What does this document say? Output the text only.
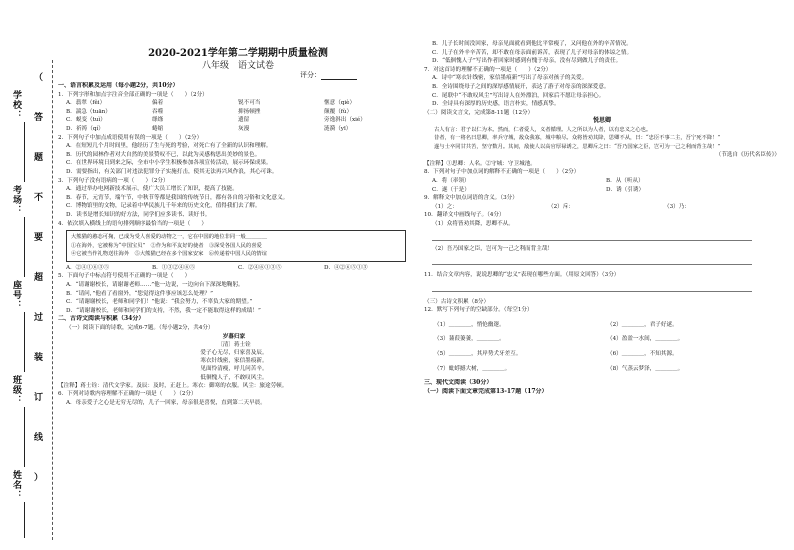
学校：
考场：
座号：
班级：
姓名：
（
答
题
不
要
超
过
装
订
线
）
2020-2021学年第二学期期中质量检测
八年级　语文试卷
评分：

一、语言积累及运用（每小题2分，共10分）

1．下列字形和加点字注音全部正确的一项是（　　）（2分）

A．翡翠（fěi）	偏着	锐不可当	惬意（qiè）
B．湍急（tuān）	吞噬	抑扬顿挫	颠覆（fù）
C．蜕变（tuì）	绦绦	遗留	旁逸斜出（xié）
D．祈祷（qí）	蜷缩	灰漫	涟漪（yī）

2．下列句子中加点成语使用有误的一项是（　　）（2分）

A．在短短几个月时间里，他经历了生与死的考验，对死亡有了全新的认识和理解。

B．历代的园林作者对大自然的美景赞叹不已，以此为灵感构思出美妙的景色。

C．在世界环境日到来之际，全市中小学生积极参加各项宣传活动，展示环保成果。

D．需要指出，有关部门对违法犯罪分子实施打击，使其无法再兴风作浪，其心可诛。

3．下列句子没有语病的一项（　　）（2分）

A．通过举办电网新技术展示，使广大员工增长了知识，提高了技能。

B．春节，元宵节，端午节，中秋节等都是我国的传统节日，都有各自的习俗和文化意义。

C．博物馆里的文物，记录着中华民族几千年来的历史文化，值得我们去了解。

D．读书是增长知识的好方法，同学们应多读书、读好书。

4．依次填入横线上的语句排列顺序最恰当的一项是（　　）

大熊猫的憨态可掬，已成为受人喜爱的动物之一，它在中国的地位非同一般＿＿＿＿

①在海外，它被称为“中国宝贝”　②作为和平友好的使者　③深受各国人民的喜爱

④它被当作礼物送往海外　⑤大熊猫已经在多个国家安家　⑥传递着中国人民的情谊

A．②④①⑥③⑤	B．①③②④⑥⑤	C．②④⑥①③⑤	D．④②⑥⑤①③

5．下面句子中标点符号使用不正确的一项是（　　）

A．“请谢谢校长，请谢谢老师……”他一边说，一边向台下深深地鞠躬。

B．“请问，”他看了看窗外，“您觉得这件事应该怎么处理？”

C．“请谢谢校长，老师和同学们！”他说：“我会努力，不辜负大家的期望。”

D．“请谢谢校长，老师和同学们的支持，不然，我一定不能取得这样的成绩！”

二、古诗文阅读与积累（34分）

（一）阅读下面的诗歌，完成6-7题。（每小题2分，共4分）

岁暮归家
〔清〕蒋士铨
爱子心无尽，归家喜及辰。
寒衣针线密，家信墨痕新。
见面怜清瘦，呼儿问苦辛。
低徊愧人子，不敢叹风尘。

【注释】蒋士铨：清代文学家。及辰：及时，正赶上。寒衣：御寒的衣服。风尘：旅途劳顿。

6．下列对诗歌内容理解不正确的一项是（　　）（2分）

A．母亲爱子之心是无穷无尽的，儿子一回家，母亲很是喜悦，直到第二天早晨。

B．儿子长时间没回家，母亲见面就看到他比平常瘦了，又问他在外的辛苦情况。

C．儿子在外辛辛苦苦，却不敢在母亲面前诉苦，表现了儿子对母亲的体谅之情。

D．“低徊愧人子”写出作者回家时感到有愧于母亲，没有尽到做儿子的责任。

7．对这首诗的理解不正确的一项是（　　）（2分）

A．诗中“寒衣针线密，家信墨痕新”写出了母亲对孩子的关爱。

B．全诗围绕母子之间的深厚感情展开，表达了游子对母亲的深深爱意。

C．尾联中“不敢叹风尘”写出诗人在外漂泊，回家后不愿让母亲担心。

D．全诗具有深厚的历史感，语言朴实，情感真挚。

（二）阅读文言文，完成第8-11题（12分）

悦思卿

古人有言：君子以仁为本。然而，仁者爱人，义者循理。人之所以为人者，以有忠义之心也。

昔者，有一将名曰思卿，率兵守城，敌众我寡，城中粮尽。众将皆劝其降，思卿不从，曰：“忠臣不事二主，吾宁死不降！”

遂与士卒同甘共苦，坚守数月。其间，敌使人以高官厚禄诱之，思卿斥之曰：“吾乃国家之臣，岂可为一己之利而背主哉！”

（节选自《历代名臣传》）

【注释】①思卿：人名。②守城：守卫城池。

8．下列对句子中加点词的解释不正确的一项是（　　）（2分）

A．将（率领）	B．从（听从）
C．遂（于是）	D．诱（引诱）

9．解释文中加点词语的含义。（3分）

（1）之：	（2）斥：	（3）乃：

10．翻译文中画线句子。（4分）

（1）众将皆劝其降，思卿不从。

（2）吾乃国家之臣，岂可为一己之利而背主哉！

11．结合文章内容，说说思卿的“忠义”表现在哪些方面。（用原文回答）（3分）

（三）古诗文积累（8分）

12．默写下列句子的空缺部分。（每空1分）

（1）＿＿＿＿，悄怆幽邃。	（2）＿＿＿＿，君子好逑。
（3）蒹葭萋萋，＿＿＿＿。	（4）盈盈一水间，＿＿＿＿。
（5）＿＿＿＿，其岸势犬牙差互。	（6）＿＿＿＿，不知其源。
（7）蚍蜉撼大树，＿＿＿＿。	（8）气蒸云梦泽，＿＿＿＿。

三、现代文阅读（30分）

（一）阅读下面文章完成第13-17题（17分）
